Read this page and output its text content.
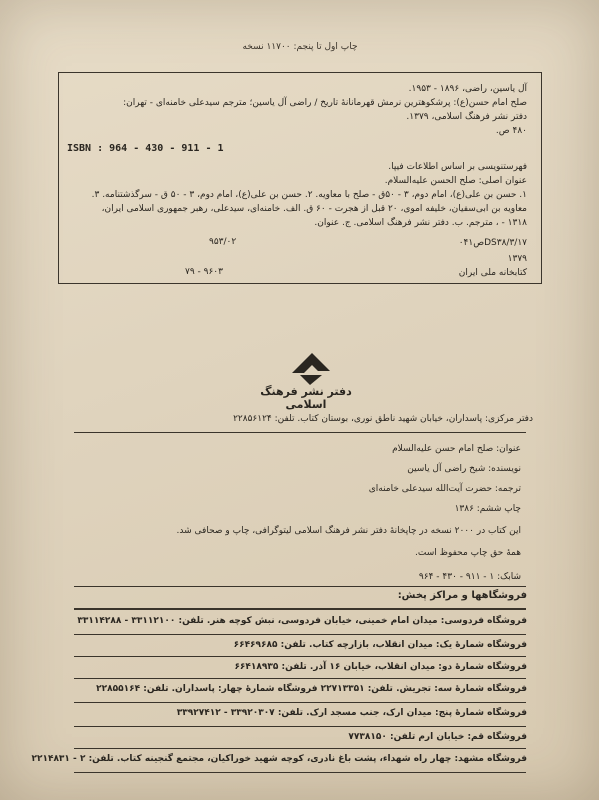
چاپ اول تا پنجم: ۱۱۷۰۰ نسخه
آل یاسین، راضی، ۱۸۹۶ - ۱۹۵۳.
صلح امام حسن(ع): پرشکوهترین نرمش قهرمانانهٔ تاریخ / راضی آل یاسین؛ مترجم سیدعلی خامنه‌ای - تهران:
دفتر نشر فرهنگ اسلامی، ۱۳۷۹.
۴۸۰ ص.
ISBN : 964 - 430 - 911 - 1
فهرستنویسی بر اساس اطلاعات فیپا.
عنوان اصلی: صلح الحسن علیه‌السلام.
۱. حسن بن علی(ع)، امام دوم، ۳ - ۵۰ق - صلح با معاویه. ۲. حسن بن علی(ع)، امام دوم، ۳ - ۵۰ ق - سرگذشتنامه. ۳.
معاویه بن ابی‌سفیان، خلیفه اموی، ۲۰ قبل از هجرت - ۶۰ ق. الف. خامنه‌ای، سیدعلی، رهبر جمهوری اسلامی ایران،
۱۳۱۸ - ، مترجم. ب. دفتر نشر فرهنگ اسلامی. ج. عنوان.
DS۳۸/۳/۱۷ص۰۴۱
۹۵۳/۰۲
۱۳۷۹
کتابخانه ملی ایران
۷۹ - ۹۶۰۳
دفتر نشر فرهنگ اسلامی
دفتر مرکزی: پاسداران، خیابان شهید ناطق نوری، بوستان کتاب. تلفن: ۲۲۸۵۶۱۲۴
عنوان: صلح امام حسن علیه‌السلام
نویسنده: شیخ راضی آل یاسین
ترجمه: حضرت آیت‌الله سیدعلی خامنه‌ای
چاپ ششم: ۱۳۸۶
این کتاب در ۲۰۰۰ نسخه در چاپخانهٔ دفتر نشر فرهنگ اسلامی لیتوگرافی، چاپ و صحافی شد.
همهٔ حق چاپ محفوظ است.
شابک: ۱ - ۹۱۱ - ۴۳۰ - ۹۶۴
فروشگاهها و مراکز پخش:
فروشگاه فردوسی: میدان امام خمینی، خیابان فردوسی، نبش کوچه هنر. تلفن: ۳۳۱۱۲۱۰۰ - ۳۳۱۱۴۲۸۸
فروشگاه شمارهٔ یک: میدان انقلاب، بازارچه کتاب. تلفن: ۶۶۴۶۹۶۸۵
فروشگاه شمارهٔ دو: میدان انقلاب، خیابان ۱۶ آذر. تلفن: ۶۶۴۱۸۹۳۵
فروشگاه شمارهٔ سه: تجریش. تلفن: ۲۲۷۱۳۳۵۱ فروشگاه شمارهٔ چهار: پاسداران. تلفن: ۲۲۸۵۵۱۶۴
فروشگاه شمارهٔ پنج: میدان ارک، جنب مسجد ارک. تلفن: ۳۳۹۲۰۳۰۷ - ۳۳۹۲۷۴۱۲
فروشگاه قم: خیابان ارم تلفن: ۷۷۳۸۱۵۰
فروشگاه مشهد: چهار راه شهداء، پشت باغ نادری، کوچه شهید خوراکیان، مجتمع گنجینه کتاب. تلفن: ۲ - ۲۲۱۴۸۳۱
